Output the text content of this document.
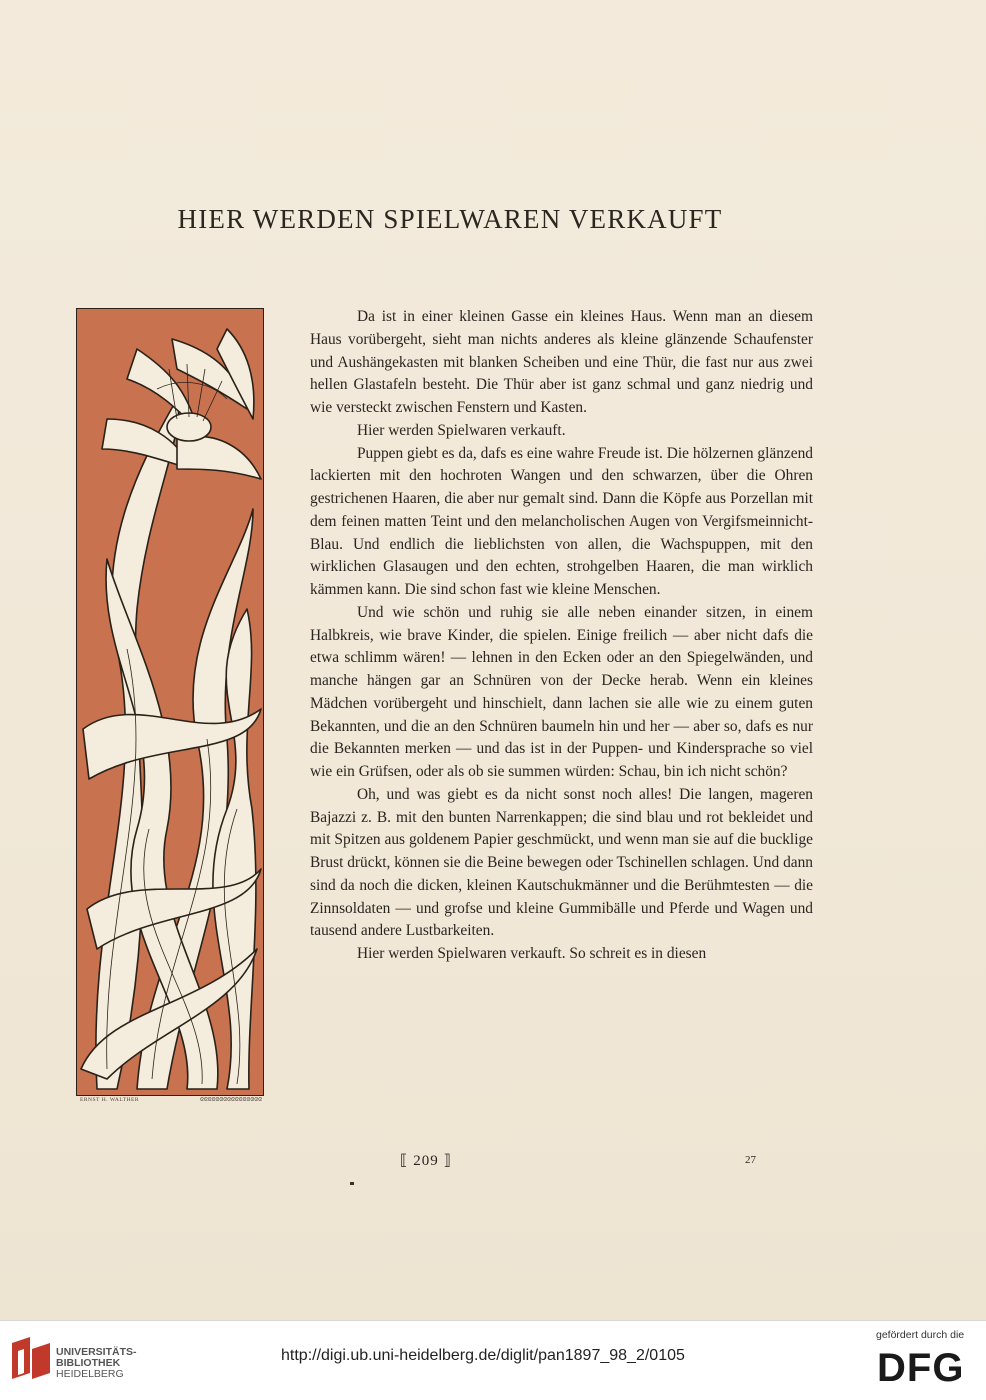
HIER WERDEN SPIELWAREN VERKAUFT
ERNST H. WALTHER	ᘓᘓᘓᘓᘓᘓᘓᘓᘓᘓᘓᘓᘓᘓᘓᘓ

Da ist in einer kleinen Gasse ein kleines Haus. Wenn man an diesem Haus vorübergeht, sieht man nichts anderes als kleine glänzende Schaufenster und Aushängekasten mit blanken Scheiben und eine Thür, die fast nur aus zwei hellen Glastafeln besteht. Die Thür aber ist ganz schmal und ganz niedrig und wie versteckt zwischen Fenstern und Kasten.

Hier werden Spielwaren verkauft.

Puppen giebt es da, dafs es eine wahre Freude ist. Die hölzernen glänzend lackierten mit den hochroten Wangen und den schwarzen, über die Ohren gestrichenen Haaren, die aber nur gemalt sind. Dann die Köpfe aus Porzellan mit dem feinen matten Teint und den melancholischen Augen von Vergifsmeinnicht-Blau. Und endlich die lieblichsten von allen, die Wachspuppen, mit den wirklichen Glasaugen und den echten, strohgelben Haaren, die man wirklich kämmen kann. Die sind schon fast wie kleine Menschen.

Und wie schön und ruhig sie alle neben einander sitzen, in einem Halbkreis, wie brave Kinder, die spielen. Einige freilich — aber nicht dafs die etwa schlimm wären! — lehnen in den Ecken oder an den Spiegelwänden, und manche hängen gar an Schnüren von der Decke herab. Wenn ein kleines Mädchen vorübergeht und hinschielt, dann lachen sie alle wie zu einem guten Bekannten, und die an den Schnüren baumeln hin und her — aber so, dafs es nur die Bekannten merken — und das ist in der Puppen- und Kindersprache so viel wie ein Grüfsen, oder als ob sie summen würden: Schau, bin ich nicht schön?

Oh, und was giebt es da nicht sonst noch alles! Die langen, mageren Bajazzi z. B. mit den bunten Narrenkappen; die sind blau und rot bekleidet und mit Spitzen aus goldenem Papier geschmückt, und wenn man sie auf die bucklige Brust drückt, können sie die Beine bewegen oder Tschinellen schlagen. Und dann sind da noch die dicken, kleinen Kautschukmänner und die Berühmtesten — die Zinnsoldaten — und grofse und kleine Gummibälle und Pferde und Wagen und tausend andere Lustbarkeiten.

Hier werden Spielwaren verkauft. So schreit es in diesen

⟦ 209 ⟧	27
UNIVERSITÄTS-
BIBLIOTHEK
HEIDELBERG
http://digi.ub.uni-heidelberg.de/diglit/pan1897_98_2/0105
gefördert durch die
DFG
